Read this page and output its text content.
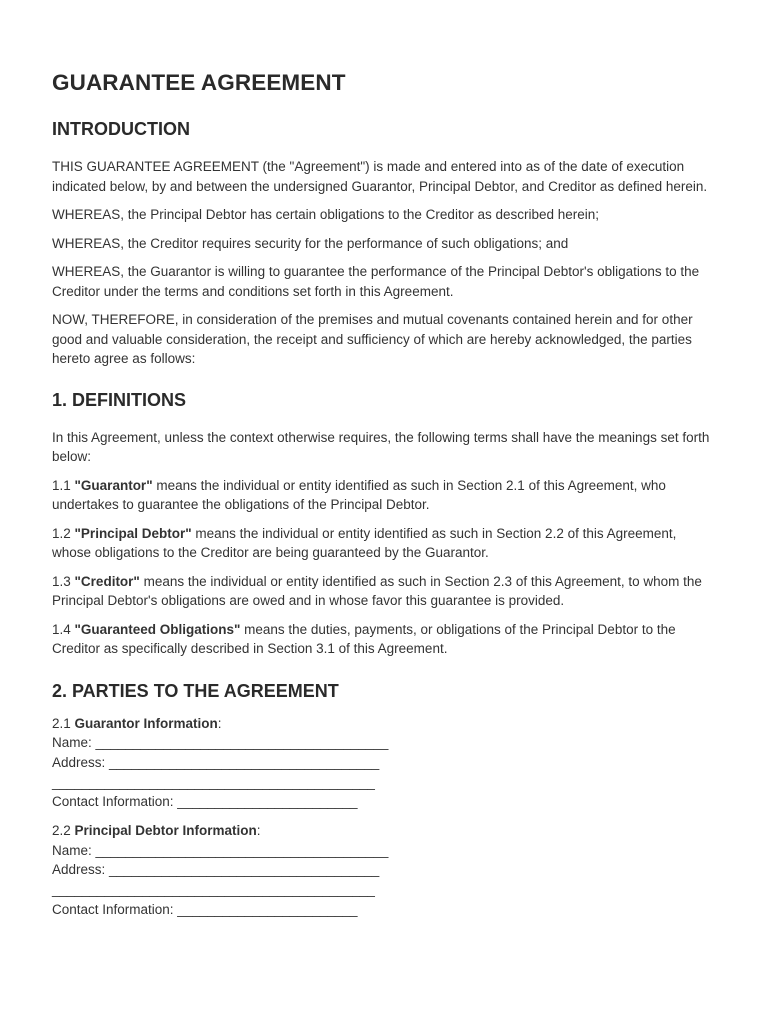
GUARANTEE AGREEMENT
INTRODUCTION

THIS GUARANTEE AGREEMENT (the "Agreement") is made and entered into as of the date of execution indicated below, by and between the undersigned Guarantor, Principal Debtor, and Creditor as defined herein.

WHEREAS, the Principal Debtor has certain obligations to the Creditor as described herein;

WHEREAS, the Creditor requires security for the performance of such obligations; and

WHEREAS, the Guarantor is willing to guarantee the performance of the Principal Debtor's obligations to the Creditor under the terms and conditions set forth in this Agreement.

NOW, THEREFORE, in consideration of the premises and mutual covenants contained herein and for other good and valuable consideration, the receipt and sufficiency of which are hereby acknowledged, the parties hereto agree as follows:

1. DEFINITIONS

In this Agreement, unless the context otherwise requires, the following terms shall have the meanings set forth below:

1.1 "Guarantor" means the individual or entity identified as such in Section 2.1 of this Agreement, who undertakes to guarantee the obligations of the Principal Debtor.

1.2 "Principal Debtor" means the individual or entity identified as such in Section 2.2 of this Agreement, whose obligations to the Creditor are being guaranteed by the Guarantor.

1.3 "Creditor" means the individual or entity identified as such in Section 2.3 of this Agreement, to whom the Principal Debtor's obligations are owed and in whose favor this guarantee is provided.

1.4 "Guaranteed Obligations" means the duties, payments, or obligations of the Principal Debtor to the Creditor as specifically described in Section 3.1 of this Agreement.

2. PARTIES TO THE AGREEMENT
2.1 Guarantor Information:
Name: _______________________________________
Address: ____________________________________
___________________________________________
Contact Information: ________________________
2.2 Principal Debtor Information:
Name: _______________________________________
Address: ____________________________________
___________________________________________
Contact Information: ________________________
